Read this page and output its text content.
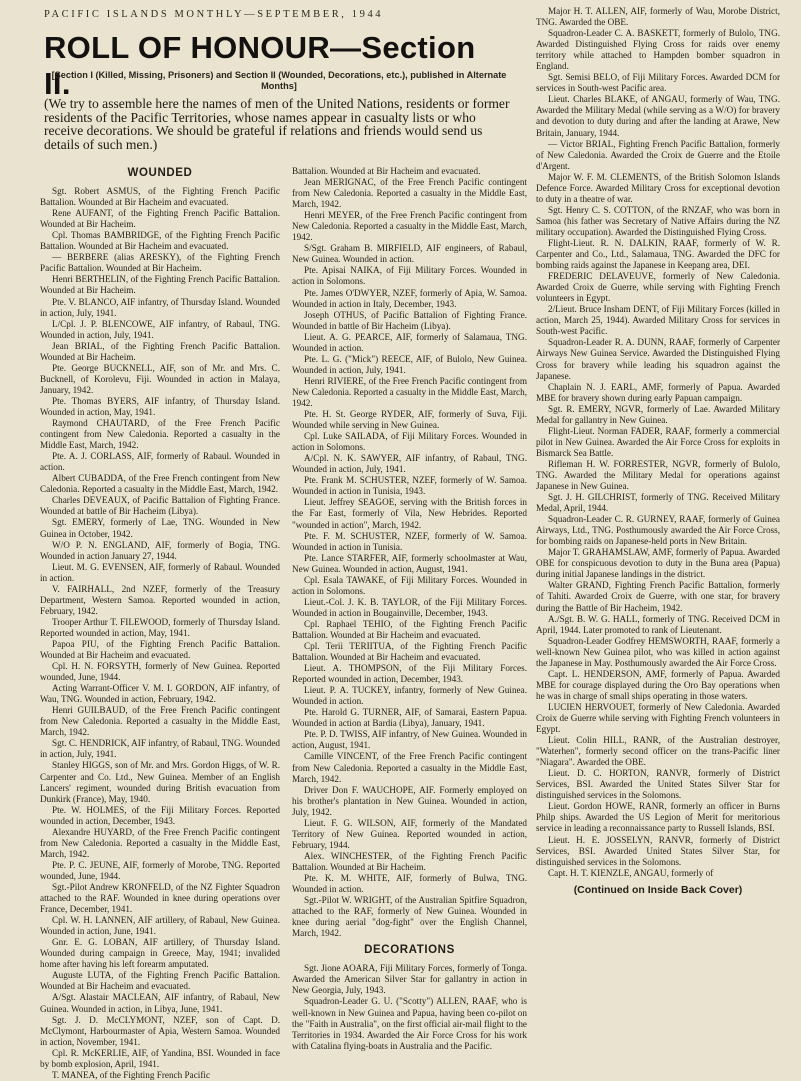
PACIFIC ISLANDS MONTHLY—SEPTEMBER, 1944
ROLL OF HONOUR—Section II.
[Section I (Killed, Missing, Prisoners) and Section II (Wounded, Decorations, etc.), published in Alternate Months]
(We try to assemble here the names of men of the United Nations, residents or former residents of the Pacific Territories, whose names appear in casualty lists or who receive decorations. We should be grateful if relations and friends would send us details of such men.)
WOUNDED

Sgt. Robert ASMUS, of the Fighting French Pacific Battalion. Wounded at Bir Hacheim and evacuated.

Rene AUFANT, of the Fighting French Pacific Battalion. Wounded at Bir Hacheim.

Cpl. Thomas BAMBRIDGE, of the Fighting French Pacific Battalion. Wounded at Bir Hacheim and evacuated.

— BERBERE (alias ARESKY), of the Fighting French Pacific Battalion. Wounded at Bir Hacheim.

Henri BERTHELIN, of the Fighting French Pacific Battalion. Wounded at Bir Hacheim.

Pte. V. BLANCO, AIF infantry, of Thursday Island. Wounded in action, July, 1941.

L/Cpl. J. P. BLENCOWE, AIF infantry, of Rabaul, TNG. Wounded in action, July, 1941.

Jean BRIAL, of the Fighting French Pacific Battalion. Wounded at Bir Hacheim.

Pte. George BUCKNELL, AIF, son of Mr. and Mrs. C. Bucknell, of Korolevu, Fiji. Wounded in action in Malaya, January, 1942.

Pte. Thomas BYERS, AIF infantry, of Thursday Island. Wounded in action, May, 1941.

Raymond CHAUTARD, of the Free French Pacific contingent from New Caledonia. Reported a casualty in the Middle East, March, 1942.

Pte. A. J. CORLASS, AIF, formerly of Rabaul. Wounded in action.

Albert CUBADDA, of the Free French contingent from New Caledonia. Reported a casualty in the Middle East, March, 1942.

Charles DEVEAUX, of Pacific Battalion of Fighting France. Wounded at battle of Bir Hacheim (Libya).

Sgt. EMERY, formerly of Lae, TNG. Wounded in New Guinea in October, 1942.

W/O P. N. ENGLAND, AIF, formerly of Bogia, TNG. Wounded in action January 27, 1944.

Lieut. M. G. EVENSEN, AIF, formerly of Rabaul. Wounded in action.

V. FAIRHALL, 2nd NZEF, formerly of the Treasury Department, Western Samoa. Reported wounded in action, February, 1942.

Trooper Arthur T. FILEWOOD, formerly of Thursday Island. Reported wounded in action, May, 1941.

Papoa PIU, of the Fighting French Pacific Battalion. Wounded at Bir Hacheim and evacuated.

Cpl. H. N. FORSYTH, formerly of New Guinea. Reported wounded, June, 1944.

Acting Warrant-Officer V. M. I. GORDON, AIF infantry, of Wau, TNG. Wounded in action, February, 1942.

Henri GUILBAUD, of the Free French Pacific contingent from New Caledonia. Reported a casualty in the Middle East, March, 1942.

Sgt. C. HENDRICK, AIF infantry, of Rabaul, TNG. Wounded in action, July, 1941.

Stanley HIGGS, son of Mr. and Mrs. Gordon Higgs, of W. R. Carpenter and Co. Ltd., New Guinea. Member of an English Lancers' regiment, wounded during British evacuation from Dunkirk (France), May, 1940.

Pte. W. HOLMES, of the Fiji Military Forces. Reported wounded in action, December, 1943.

Alexandre HUYARD, of the Free French Pacific contingent from New Caledonia. Reported a casualty in the Middle East, March, 1942.

Pte. P. C. JEUNE, AIF, formerly of Morobe, TNG. Reported wounded, June, 1944.

Sgt.-Pilot Andrew KRONFELD, of the NZ Fighter Squadron attached to the RAF. Wounded in knee during operations over France, December, 1941.

Cpl. W. H. LANNEN, AIF artillery, of Rabaul, New Guinea. Wounded in action, June, 1941.

Gnr. E. G. LOBAN, AIF artillery, of Thursday Island. Wounded during campaign in Greece, May, 1941; invalided home after having his left forearm amputated.

Auguste LUTA, of the Fighting French Pacific Battalion. Wounded at Bir Hacheim and evacuated.

A/Sgt. Alastair MACLEAN, AIF infantry, of Rabaul, New Guinea. Wounded in action, in Libya, June, 1941.

Sgt. J. D. McCLYMONT, NZEF, son of Capt. D. McClymont, Harbourmaster of Apia, Western Samoa. Wounded in action, November, 1941.

Cpl. R. McKERLIE, AIF, of Yandina, BSI. Wounded in face by bomb explosion, April, 1941.

T. MANEA, of the Fighting French Pacific

Battalion. Wounded at Bir Hacheim and evacuated.

Jean MERIGNAC, of the Free French Pacific contingent from New Caledonia. Reported a casualty in the Middle East, March, 1942.

Henri MEYER, of the Free French Pacific contingent from New Caledonia. Reported a casualty in the Middle East, March, 1942.

S/Sgt. Graham B. MIRFIELD, AIF engineers, of Rabaul, New Guinea. Wounded in action.

Pte. Apisai NAIKA, of Fiji Military Forces. Wounded in action in Solomons.

Pte. James O'DWYER, NZEF, formerly of Apia, W. Samoa. Wounded in action in Italy, December, 1943.

Joseph OTHUS, of Pacific Battalion of Fighting France. Wounded in battle of Bir Hacheim (Libya).

Lieut. A. G. PEARCE, AIF, formerly of Salamaua, TNG. Wounded in action.

Pte. L. G. ("Mick") REECE, AIF, of Bulolo, New Guinea. Wounded in action, July, 1941.

Henri RIVIERE, of the Free French Pacific contingent from New Caledonia. Reported a casualty in the Middle East, March, 1942.

Pte. H. St. George RYDER, AIF, formerly of Suva, Fiji. Wounded while serving in New Guinea.

Cpl. Luke SAILADA, of Fiji Military Forces. Wounded in action in Solomons.

A/Cpl. N. K. SAWYER, AIF infantry, of Rabaul, TNG. Wounded in action, July, 1941.

Pte. Frank M. SCHUSTER, NZEF, formerly of W. Samoa. Wounded in action in Tunisia, 1943.

Lieut. Jeffrey SEAGOE, serving with the British forces in the Far East, formerly of Vila, New Hebrides. Reported "wounded in action", March, 1942.

Pte. F. M. SCHUSTER, NZEF, formerly of W. Samoa. Wounded in action in Tunisia.

Pte. Lance STARFER, AIF, formerly schoolmaster at Wau, New Guinea. Wounded in action, August, 1941.

Cpl. Esala TAWAKE, of Fiji Military Forces. Wounded in action in Solomons.

Lieut.-Col. J. K. B. TAYLOR, of the Fiji Military Forces. Wounded in action in Bougainville, December, 1943.

Cpl. Raphael TEHIO, of the Fighting French Pacific Battalion. Wounded at Bir Hacheim and evacuated.

Cpl. Teriì TERIITUA, of the Fighting French Pacific Battalion. Wounded at Bir Hacheim and evacuated.

Lieut. A. THOMPSON, of the Fiji Military Forces. Reported wounded in action, December, 1943.

Lieut. P. A. TUCKEY, infantry, formerly of New Guinea. Wounded in action.

Pte. Harold G. TURNER, AIF, of Samarai, Eastern Papua. Wounded in action at Bardia (Libya), January, 1941.

Pte. P. D. TWISS, AIF infantry, of New Guinea. Wounded in action, August, 1941.

Camille VINCENT, of the Free French Pacific contingent from New Caledonia. Reported a casualty in the Middle East, March, 1942.

Driver Don F. WAUCHOPE, AIF. Formerly employed on his brother's plantation in New Guinea. Wounded in action, July, 1942.

Lieut. F. G. WILSON, AIF, formerly of the Mandated Territory of New Guinea. Reported wounded in action, February, 1944.

Alex. WINCHESTER, of the Fighting French Pacific Battalion. Wounded at Bir Hacheim.

Pte. K. M. WHITE, AIF, formerly of Bulwa, TNG. Wounded in action.

Sgt.-Pilot W. WRIGHT, of the Australian Spitfire Squadron, attached to the RAF, formerly of New Guinea. Wounded in knee during aerial "dog-fight" over the English Channel, March, 1942.

DECORATIONS

Sgt. Jione AOARA, Fiji Military Forces, formerly of Tonga. Awarded the American Silver Star for gallantry in action in New Georgia, July, 1943.

Squadron-Leader G. U. ("Scotty") ALLEN, RAAF, who is well-known in New Guinea and Papua, having been co-pilot on the "Faith in Australia", on the first official air-mail flight to the Territories in 1934. Awarded the Air Force Cross for his work with Catalina flying-boats in Australia and the Pacific.

Major H. T. ALLEN, AIF, formerly of Wau, Morobe District, TNG. Awarded the OBE.

Squadron-Leader C. A. BASKETT, formerly of Bulolo, TNG. Awarded Distinguished Flying Cross for raids over enemy territory while attached to Hampden bomber squadron in England.

Sgt. Semisi BELO, of Fiji Military Forces. Awarded DCM for services in South-west Pacific area.

Lieut. Charles BLAKE, of ANGAU, formerly of Wau, TNG. Awarded the Military Medal (while serving as a W/O) for bravery and devotion to duty during and after the landing at Arawe, New Britain, January, 1944.

— Victor BRIAL, Fighting French Pacific Battalion, formerly of New Caledonia. Awarded the Croix de Guerre and the Etoile d'Argent.

Major W. F. M. CLEMENTS, of the British Solomon Islands Defence Force. Awarded Military Cross for exceptional devotion to duty in a theatre of war.

Sgt. Henry C. S. COTTON, of the RNZAF, who was born in Samoa (his father was Secretary of Native Affairs during the NZ military occupation). Awarded the Distinguished Flying Cross.

Flight-Lieut. R. N. DALKIN, RAAF, formerly of W. R. Carpenter and Co., Ltd., Salamaua, TNG. Awarded the DFC for bombing raids against the Japanese in Keepang area, DEI.

FREDERIC DELAVEUVE, formerly of New Caledonia. Awarded Croix de Guerre, while serving with Fighting French volunteers in Egypt.

2/Lieut. Bruce Insham DENT, of Fiji Military Forces (killed in action, March 25, 1944). Awarded Military Cross for services in South-west Pacific.

Squadron-Leader R. A. DUNN, RAAF, formerly of Carpenter Airways New Guinea Service. Awarded the Distinguished Flying Cross for bravery while leading his squadron against the Japanese.

Chaplain N. J. EARL, AMF, formerly of Papua. Awarded MBE for bravery shown during early Papuan campaign.

Sgt. R. EMERY, NGVR, formerly of Lae. Awarded Military Medal for gallantry in New Guinea.

Flight-Lieut. Norman FADER, RAAF, formerly a commercial pilot in New Guinea. Awarded the Air Force Cross for exploits in Bismarck Sea Battle.

Rifleman H. W. FORRESTER, NGVR, formerly of Bulolo, TNG. Awarded the Military Medal for operations against Japanese in New Guinea.

Sgt. J. H. GILCHRIST, formerly of TNG. Received Military Medal, April, 1944.

Squadron-Leader C. R. GURNEY, RAAF, formerly of Guinea Airways, Ltd., TNG. Posthumously awarded the Air Force Cross, for bombing raids on Japanese-held ports in New Britain.

Major T. GRAHAMSLAW, AMF, formerly of Papua. Awarded OBE for conspicuous devotion to duty in the Buna area (Papua) during initial Japanese landings in the district.

Walter GRAND, Fighting French Pacific Battalion, formerly of Tahiti. Awarded Croix de Guerre, with one star, for bravery during the Battle of Bir Hacheim, 1942.

A./Sgt. B. W. G. HALL, formerly of TNG. Received DCM in April, 1944. Later promoted to rank of Lieutenant.

Squadron-Leader Godfrey HEMSWORTH, RAAF, formerly a well-known New Guinea pilot, who was killed in action against the Japanese in May. Posthumously awarded the Air Force Cross.

Capt. L. HENDERSON, AMF, formerly of Papua. Awarded MBE for courage displayed during the Oro Bay operations when he was in charge of small ships operating in those waters.

LUCIEN HERVOUET, formerly of New Caledonia. Awarded Croix de Guerre while serving with Fighting French volunteers in Egypt.

Lieut. Colin HILL, RANR, of the Australian destroyer, "Waterhen", formerly second officer on the trans-Pacific liner "Niagara". Awarded the OBE.

Lieut. D. C. HORTON, RANVR, formerly of District Services, BSI. Awarded the United States Silver Star for distinguished services in the Solomons.

Lieut. Gordon HOWE, RANR, formerly an officer in Burns Philp ships. Awarded the US Legion of Merit for meritorious service in leading a reconnaissance party to Russell Islands, BSI.

Lieut. H. E. JOSSELYN, RANVR, formerly of District Services, BSI. Awarded United States Silver Star, for distinguished services in the Solomons.

Capt. H. T. KIENZLE, ANGAU, formerly of

(Continued on Inside Back Cover)
